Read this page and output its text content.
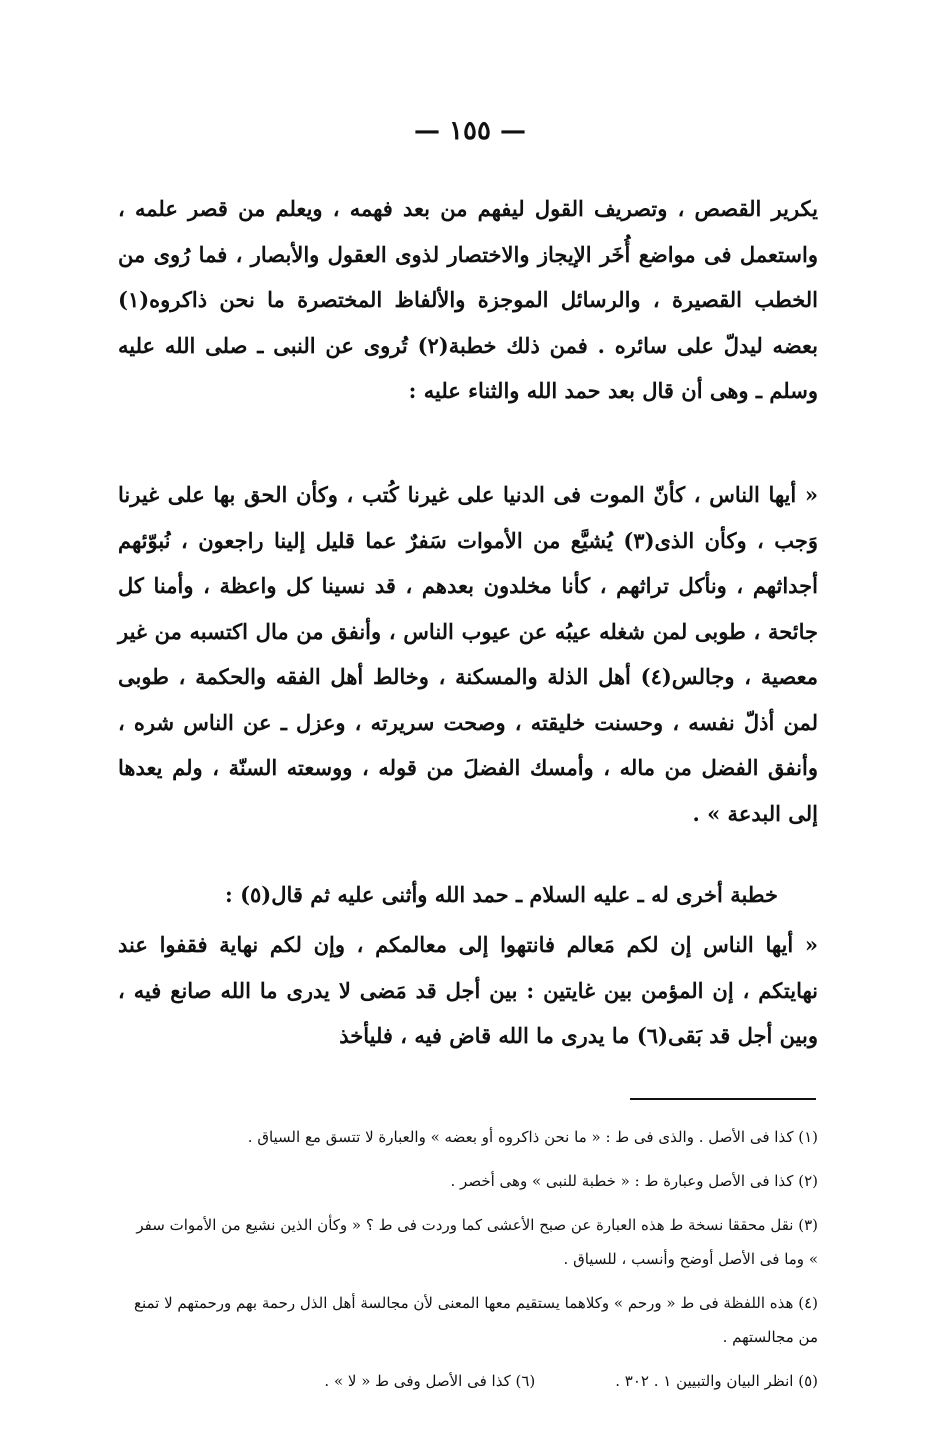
— ١٥٥ —

يكرير القصص ، وتصريف القول ليفهم من بعد فهمه ، ويعلم من قصر علمه ، واستعمل فى مواضع أُخَر الإيجاز والاختصار لذوى العقول والأبصار ، فما رُوى من الخطب القصيرة ، والرسائل الموجزة والألفاظ المختصرة ما نحن ذاكروه(١) بعضه ليدلّ على سائره . فمن ذلك خطبة(٢) تُروى عن النبى ـ صلى الله عليه وسلم ـ وهى أن قال بعد حمد الله والثناء عليه :

« أيها الناس ، كأنّ الموت فى الدنيا على غيرنا كُتب ، وكأن الحق بها على غيرنا وَجب ، وكأن الذى(٣) يُشيَّع من الأموات سَفرٌ عما قليل إلينا راجعون ، نُبوّئهم أجداثهم ، ونأكل تراثهم ، كأنا مخلدون بعدهم ، قد نسينا كل واعظة ، وأمنا كل جائحة ، طوبى لمن شغله عيبُه عن عيوب الناس ، وأنفق من مال اكتسبه من غير معصية ، وجالس(٤) أهل الذلة والمسكنة ، وخالط أهل الفقه والحكمة ، طوبى لمن أذلّ نفسه ، وحسنت خليقته ، وصحت سريرته ، وعزل ـ عن الناس شره ، وأنفق الفضل من ماله ، وأمسك الفضلَ من قوله ، ووسعته السنّة ، ولم يعدها إلى البدعة » .

خطبة أخرى له ـ عليه السلام ـ حمد الله وأثنى عليه ثم قال(٥) :

« أيها الناس إن لكم مَعالم فانتهوا إلى معالمكم ، وإن لكم نهاية فقفوا عند نهايتكم ، إن المؤمن بين غايتين : بين أجل قد مَضى لا يدرى ما الله صانع فيه ، وبين أجل قد بَقى(٦) ما يدرى ما الله قاض فيه ، فليأخذ

(١) كذا فى الأصل . والذى فى ط : « ما نحن ذاكروه أو بعضه » والعبارة لا تتسق مع السياق .

(٢) كذا فى الأصل وعبارة ط : « خطبة للنبى » وهى أخصر .

(٣) نقل محققا نسخة ط هذه العبارة عن صبح الأعشى كما وردت فى ط ؟ « وكأن الذين نشيع من الأموات سفر » وما فى الأصل أوضح وأنسب ، للسياق .

(٤) هذه اللفظة فى ط « ورحم » وكلاهما يستقيم معها المعنى لأن مجالسة أهل الذل رحمة بهم ورحمتهم لا تمنع من مجالستهم .

(٥) انظر البيان والتبيين ١ . ٣٠٢ .
(٦) كذا فى الأصل وفى ط « لا » .
